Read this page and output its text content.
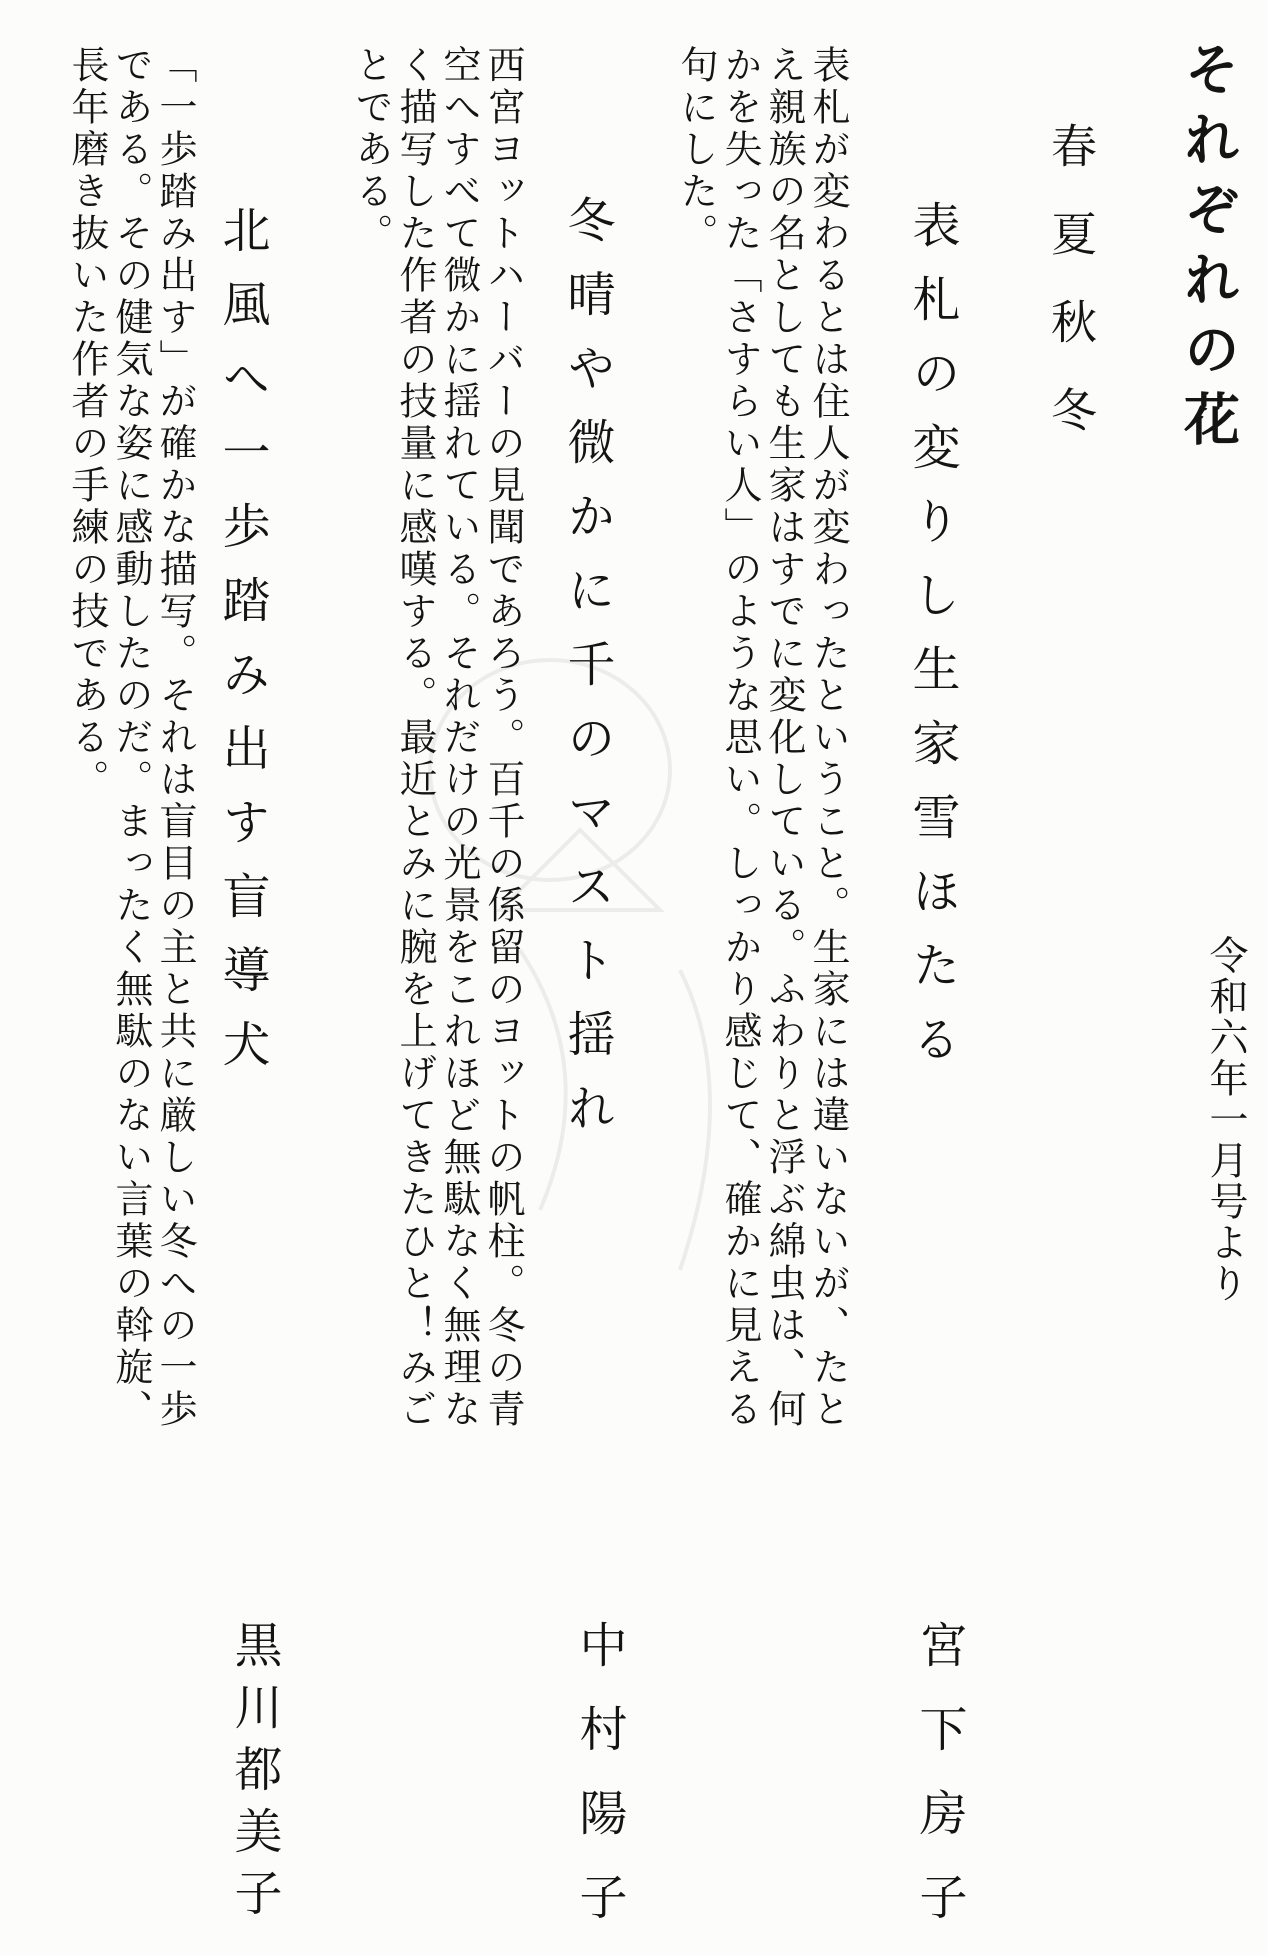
それぞれの花
春夏秋冬
令和六年一月号より
表札の変りし生家雪ほたる
宮下房子

表札が変わるとは住人が変わったということ。生家には違いないが、たとえ親族の名としても生家はすでに変化している。ふわりと浮ぶ綿虫は、何かを失った「さすらい人」のような思い。しっかり感じて、確かに見える句にした。

冬晴や微かに千のマスト揺れ
中村陽子

西宮ヨットハーバーの見聞であろう。百千の係留のヨットの帆柱。冬の青空へすべて微かに揺れている。それだけの光景をこれほど無駄なく無理なく描写した作者の技量に感嘆する。最近とみに腕を上げてきたひと！みごとである。

北風へ一歩踏み出す盲導犬
黒川都美子

「一歩踏み出す」が確かな描写。それは盲目の主と共に厳しい冬への一歩である。その健気な姿に感動したのだ。まったく無駄のない言葉の斡旋、長年磨き抜いた作者の手練の技である。
